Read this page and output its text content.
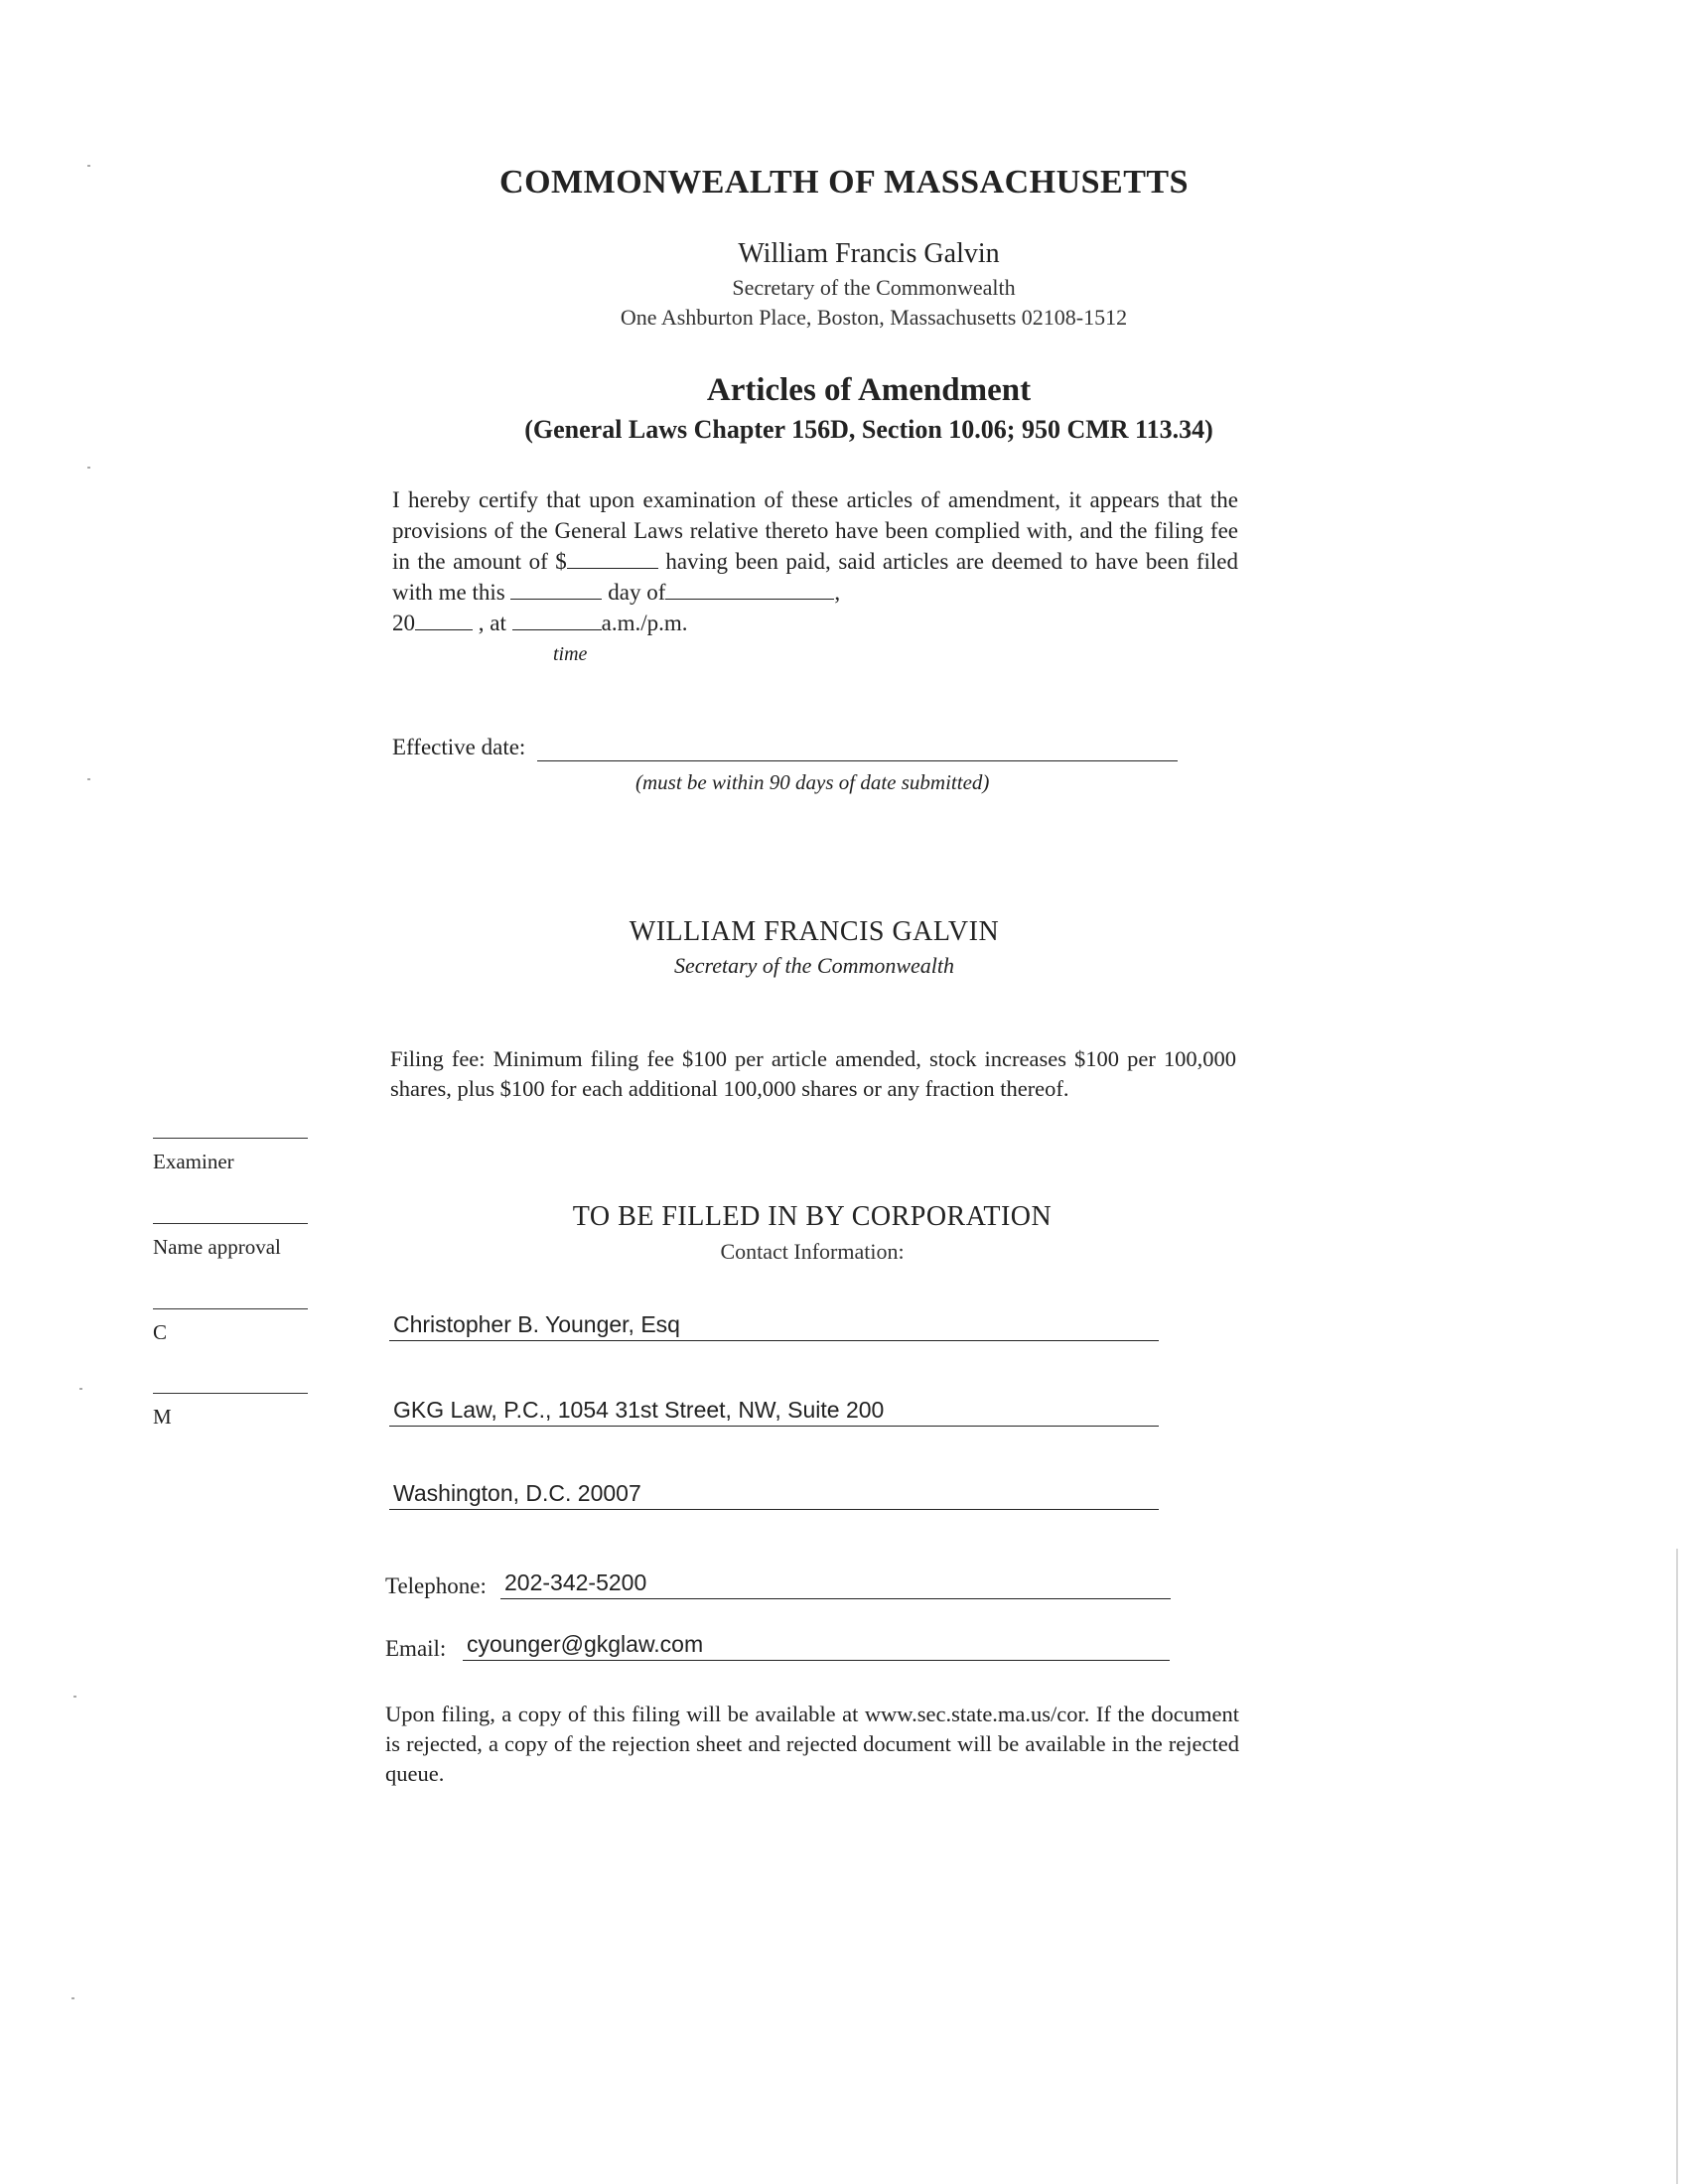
COMMONWEALTH OF MASSACHUSETTS
William Francis Galvin
Secretary of the Commonwealth
One Ashburton Place, Boston, Massachusetts 02108-1512
Articles of Amendment
(General Laws Chapter 156D, Section 10.06; 950 CMR 113.34)
I hereby certify that upon examination of these articles of amendment, it appears that the provisions of the General Laws relative thereto have been complied with, and the filing fee in the amount of $	having been paid, said articles are deemed to have been filed with me this	day of	,
20	, at	a.m./p.m.
time
Effective date:
(must be within 90 days of date submitted)
WILLIAM FRANCIS GALVIN
Secretary of the Commonwealth
Filing fee: Minimum filing fee $100 per article amended, stock increases $100 per 100,000 shares, plus $100 for each additional 100,000 shares or any fraction thereof.
Examiner
Name approval
C
M
TO BE FILLED IN BY CORPORATION
Contact Information:
Christopher B. Younger, Esq
GKG Law, P.C., 1054 31st Street, NW, Suite 200
Washington, D.C. 20007
Telephone: 202-342-5200
Email: cyounger@gkglaw.com
Upon filing, a copy of this filing will be available at www.sec.state.ma.us/cor. If the document is rejected, a copy of the rejection sheet and rejected document will be available in the rejected queue.
